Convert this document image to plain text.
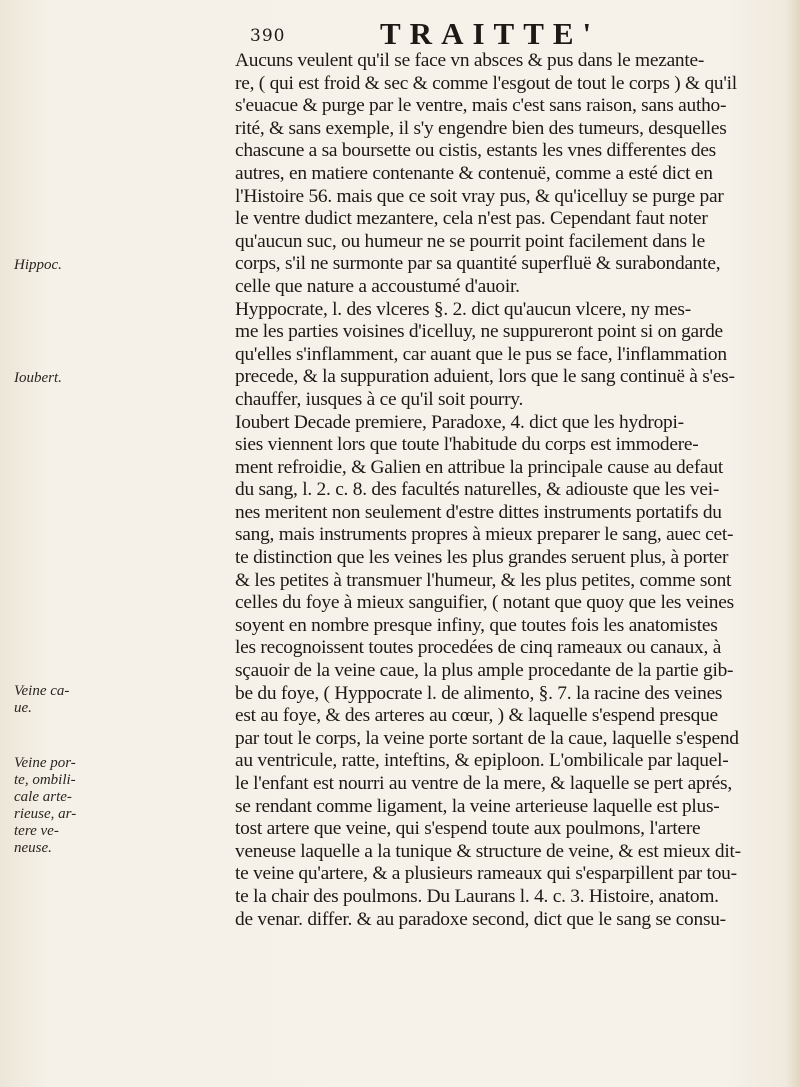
390	TRAITTE'
Hippoc.
Ioubert.
Veine ca-
ue.
Veine por-
te, ombili-
cale arte-
rieuse, ar-
tere ve-
neuse.
Aucuns veulent qu'il se face vn absces & pus dans le mezante-
re, ( qui est froid & sec & comme l'esgout de tout le corps ) & qu'il
s'euacue & purge par le ventre, mais c'est sans raison, sans autho-
rité, & sans exemple, il s'y engendre bien des tumeurs, desquelles
chascune a sa boursette ou cistis, estants les vnes differentes des
autres, en matiere contenante & contenuë, comme a esté dict en
l'Histoire 56. mais que ce soit vray pus, & qu'icelluy se purge par
le ventre dudict mezantere, cela n'est pas. Cependant faut noter
qu'aucun suc, ou humeur ne se pourrit point facilement dans le
corps, s'il ne surmonte par sa quantité superfluë & surabondante,
celle que nature a accoustumé d'auoir.
Hyppocrate, l. des vlceres §. 2. dict qu'aucun vlcere, ny mes-
me les parties voisines d'icelluy, ne suppureront point si on garde
qu'elles s'inflamment, car auant que le pus se face, l'inflammation
precede, & la suppuration aduient, lors que le sang continuë à s'es-
chauffer, iusques à ce qu'il soit pourry.
Ioubert Decade premiere, Paradoxe, 4. dict que les hydropi-
sies viennent lors que toute l'habitude du corps est immodere-
ment refroidie, & Galien en attribue la principale cause au defaut
du sang, l. 2. c. 8. des facultés naturelles, & adiouste que les vei-
nes meritent non seulement d'estre dittes instruments portatifs du
sang, mais instruments propres à mieux preparer le sang, auec cet-
te distinction que les veines les plus grandes seruent plus, à porter
& les petites à transmuer l'humeur, & les plus petites, comme sont
celles du foye à mieux sanguifier, ( notant que quoy que les veines
soyent en nombre presque infiny, que toutes fois les anatomistes
les recognoissent toutes procedées de cinq rameaux ou canaux, à
sçauoir de la veine caue, la plus ample procedante de la partie gib-
be du foye, ( Hyppocrate l. de alimento, §. 7. la racine des veines
est au foye, & des arteres au cœur, ) & laquelle s'espend presque
par tout le corps, la veine porte sortant de la caue, laquelle s'espend
au ventricule, ratte, inteftins, & epiploon. L'ombilicale par laquel-
le l'enfant est nourri au ventre de la mere, & laquelle se pert aprés,
se rendant comme ligament, la veine arterieuse laquelle est plus-
tost artere que veine, qui s'espend toute aux poulmons, l'artere
veneuse laquelle a la tunique & structure de veine, & est mieux dit-
te veine qu'artere, & a plusieurs rameaux qui s'esparpillent par tou-
te la chair des poulmons. Du Laurans l. 4. c. 3. Histoire, anatom.
de venar. differ. & au paradoxe second, dict que le sang se consu-
